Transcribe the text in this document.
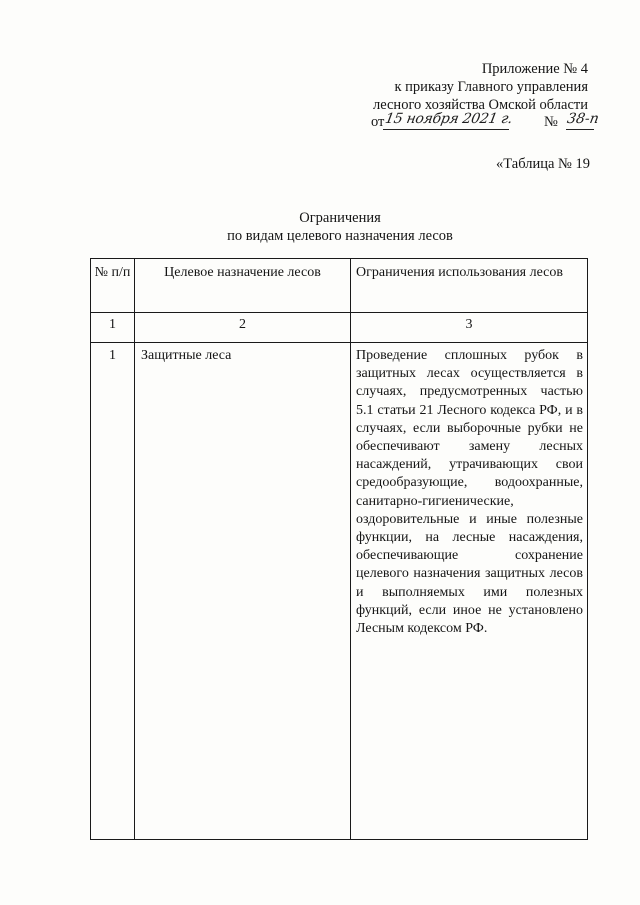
Приложение № 4
к приказу Главного управления
лесного хозяйства Омской области
от 15 ноября 2021 г. № 38-п
«Таблица № 19
Ограничения
по видам целевого назначения лесов
№ п/п	Целевое назначение лесов	Ограничения использования лесов
1	2	3
1	Защитные леса	Проведение сплошных рубок в защитных лесах осуществляется в случаях, предусмотренных частью 5.1 статьи 21 Лесного кодекса РФ, и в случаях, если выборочные рубки не обеспечивают замену лесных насаждений, утрачивающих свои средообразующие, водоохранные, санитарно-гигиенические, оздоровительные и иные полезные функции, на лесные насаждения, обеспечивающие сохранение целевого назначения защитных лесов и выполняемых ими полезных функций, если иное не установлено Лесным кодексом РФ.
